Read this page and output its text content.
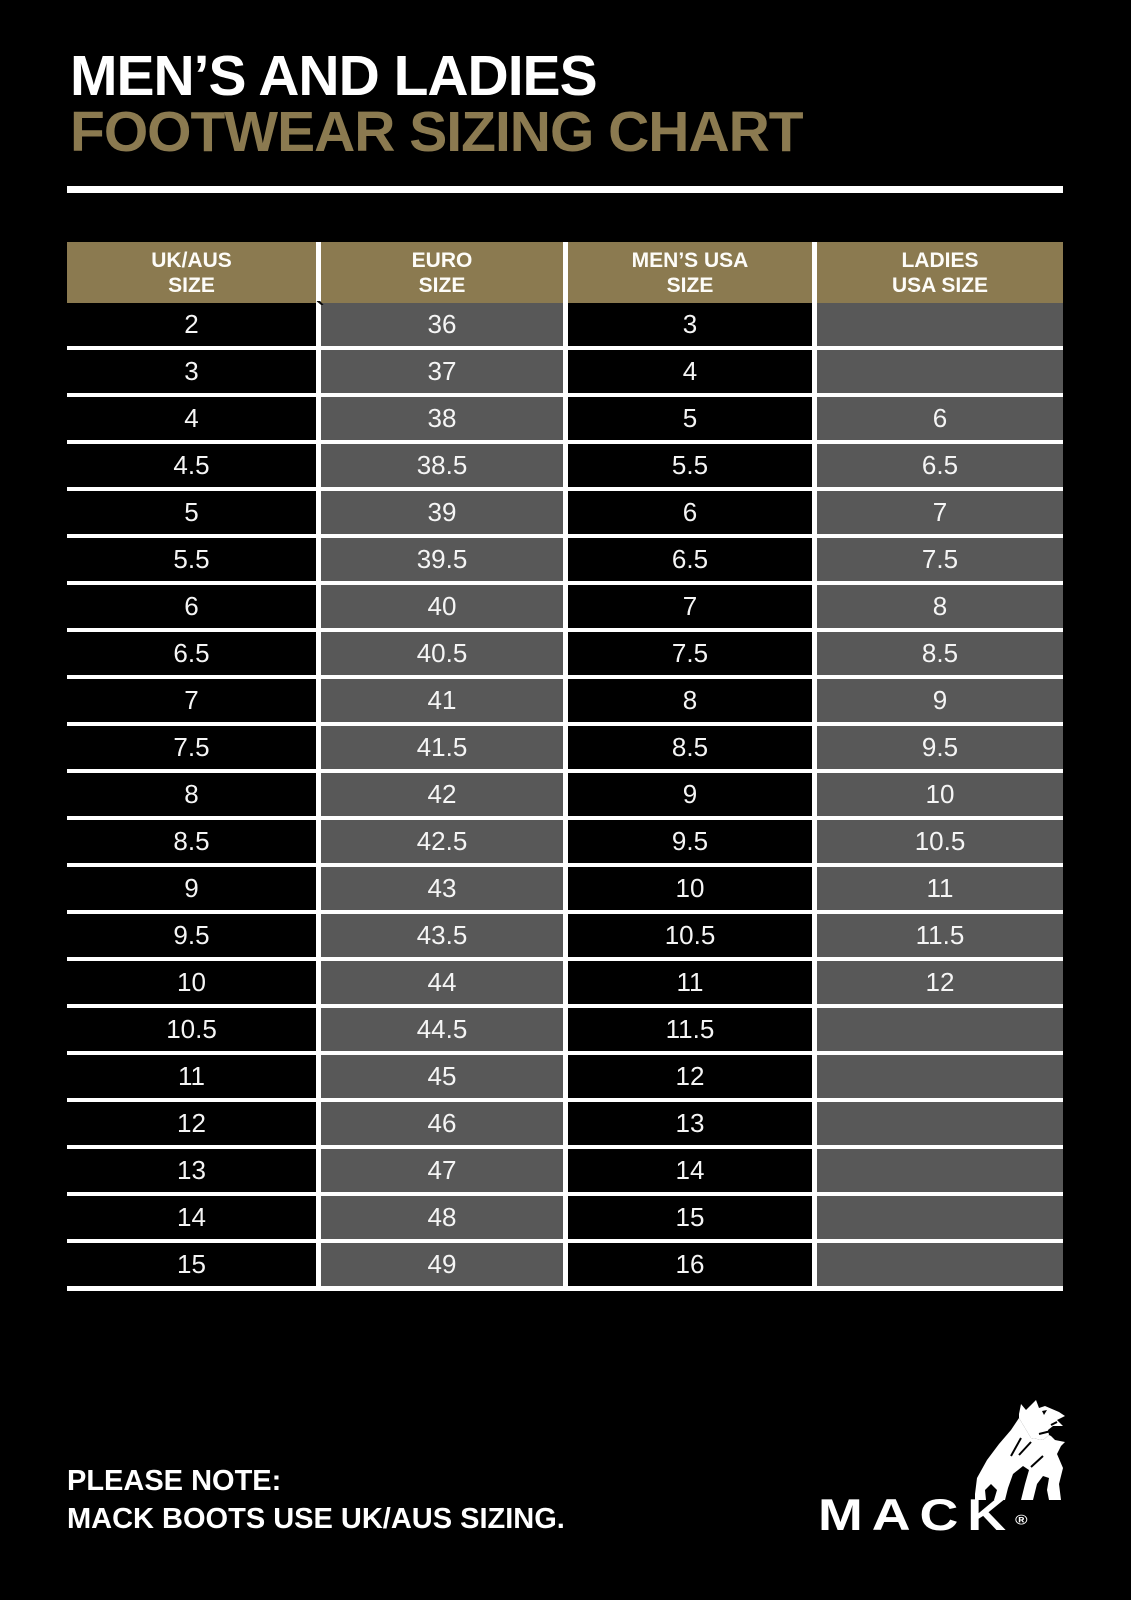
MEN’S AND LADIES
FOOTWEAR SIZING CHART
UK/AUS
SIZE
EURO
SIZE
MEN’S USA
SIZE
LADIES
USA SIZE
2	36	3
3	37	4
4	38	5	6
4.5	38.5	5.5	6.5
5	39	6	7
5.5	39.5	6.5	7.5
6	40	7	8
6.5	40.5	7.5	8.5
7	41	8	9
7.5	41.5	8.5	9.5
8	42	9	10
8.5	42.5	9.5	10.5
9	43	10	11
9.5	43.5	10.5	11.5
10	44	11	12
10.5	44.5	11.5
11	45	12
12	46	13
13	47	14
14	48	15
15	49	16
`
PLEASE NOTE:
MACK BOOTS USE UK/AUS SIZING.	MACK®
